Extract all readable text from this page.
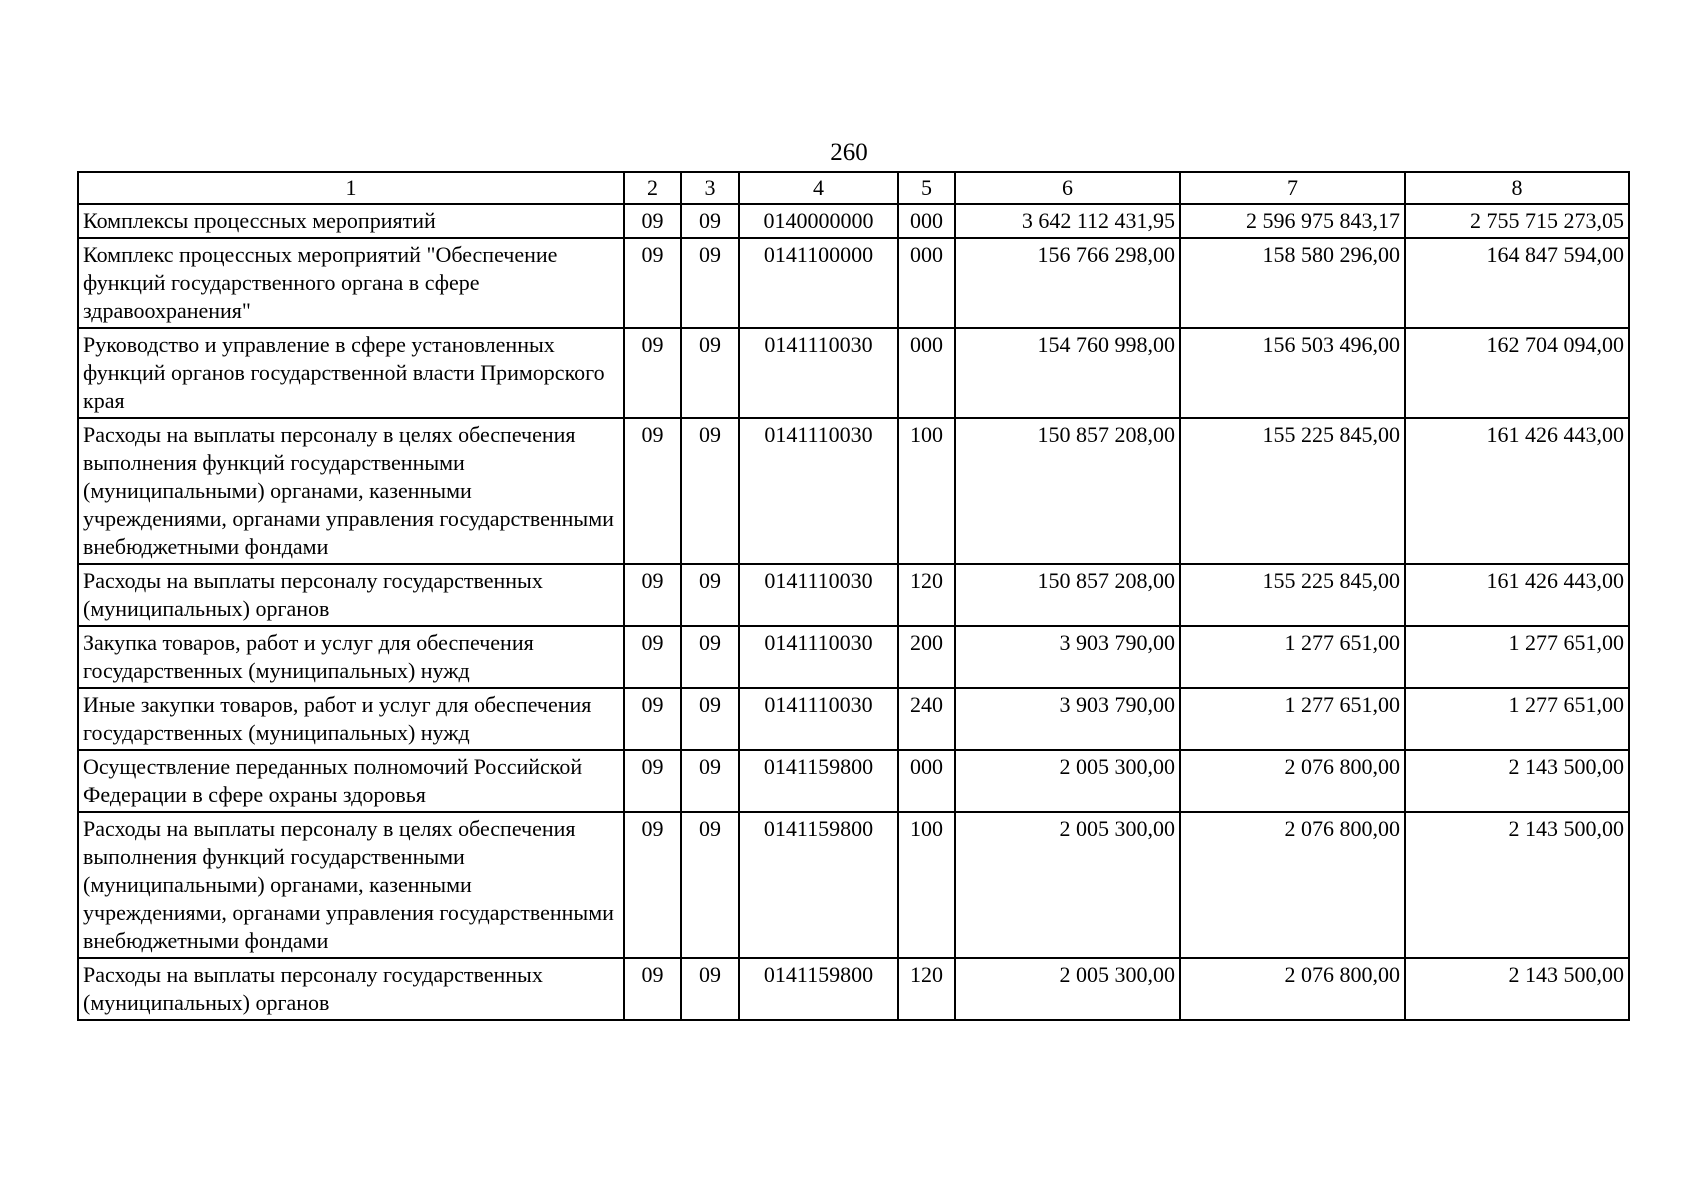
260
1	2	3	4	5	6	7	8
Комплексы процессных мероприятий	09	09	0140000000	000	3 642 112 431,95	2 596 975 843,17	2 755 715 273,05
Комплекс процессных мероприятий "Обеспечение функций государственного органа в сфере здравоохранения"	09	09	0141100000	000	156 766 298,00	158 580 296,00	164 847 594,00
Руководство и управление в сфере установленных функций органов государственной власти Приморского края	09	09	0141110030	000	154 760 998,00	156 503 496,00	162 704 094,00
Расходы на выплаты персоналу в целях обеспечения выполнения функций государственными (муниципальными) органами, казенными учреждениями, органами управления государственными внебюджетными фондами	09	09	0141110030	100	150 857 208,00	155 225 845,00	161 426 443,00
Расходы на выплаты персоналу государственных (муниципальных) органов	09	09	0141110030	120	150 857 208,00	155 225 845,00	161 426 443,00
Закупка товаров, работ и услуг для обеспечения государственных (муниципальных) нужд	09	09	0141110030	200	3 903 790,00	1 277 651,00	1 277 651,00
Иные закупки товаров, работ и услуг для обеспечения государственных (муниципальных) нужд	09	09	0141110030	240	3 903 790,00	1 277 651,00	1 277 651,00
Осуществление переданных полномочий Российской Федерации в сфере охраны здоровья	09	09	0141159800	000	2 005 300,00	2 076 800,00	2 143 500,00
Расходы на выплаты персоналу в целях обеспечения выполнения функций государственными (муниципальными) органами, казенными учреждениями, органами управления государственными внебюджетными фондами	09	09	0141159800	100	2 005 300,00	2 076 800,00	2 143 500,00
Расходы на выплаты персоналу государственных (муниципальных) органов	09	09	0141159800	120	2 005 300,00	2 076 800,00	2 143 500,00
